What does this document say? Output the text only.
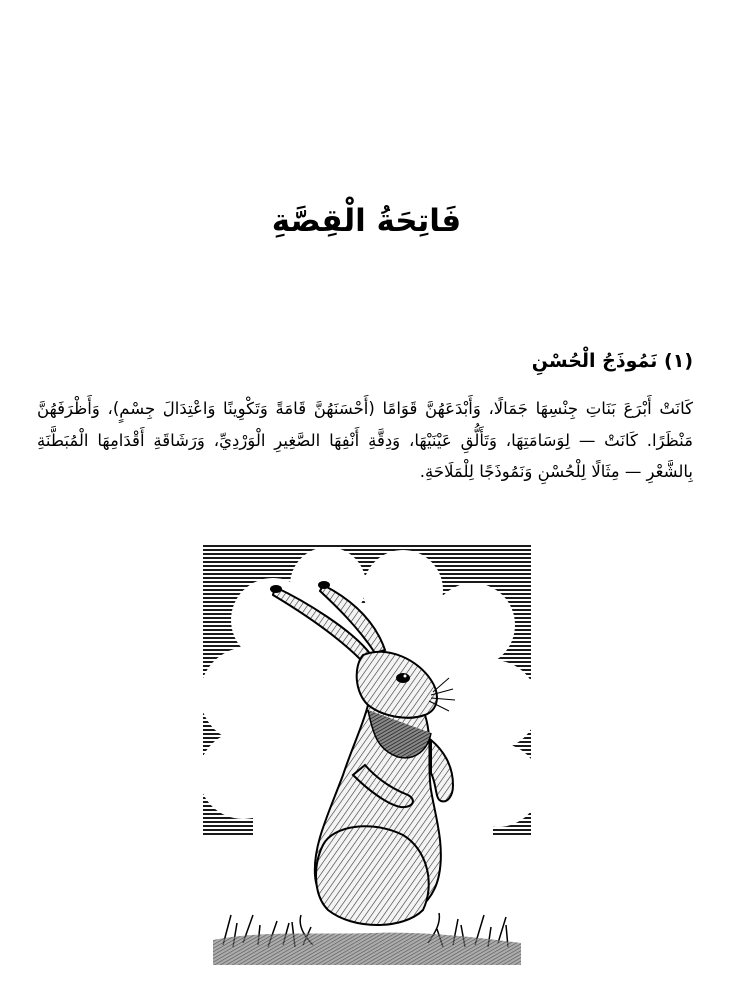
فَاتِحَةُ الْقِصَّةِ
(١) نَمُوذَجُ الْحُسْنِ

كَانَتْ أَبْرَعَ بَنَاتِ جِنْسِهَا جَمَالًا، وَأَبْدَعَهُنَّ قَوَامًا (أَحْسَنَهُنَّ قَامَةً وَتَكْوِينًا وَاعْتِدَالَ جِسْمٍ)، وَأَظْرَفَهُنَّ مَنْظَرًا. كَانَتْ — لِوَسَامَتِهَا، وَتَأَلُّقِ عَيْنَيْهَا، وَدِقَّةِ أَنْفِهَا الصَّغِيرِ الْوَرْدِيِّ، وَرَشَاقَةِ أَقْدَامِهَا الْمُبَطَّنَةِ بِالشَّعْرِ — مِثَالًا لِلْحُسْنِ وَنَمُوذَجًا لِلْمَلَاحَةِ.
